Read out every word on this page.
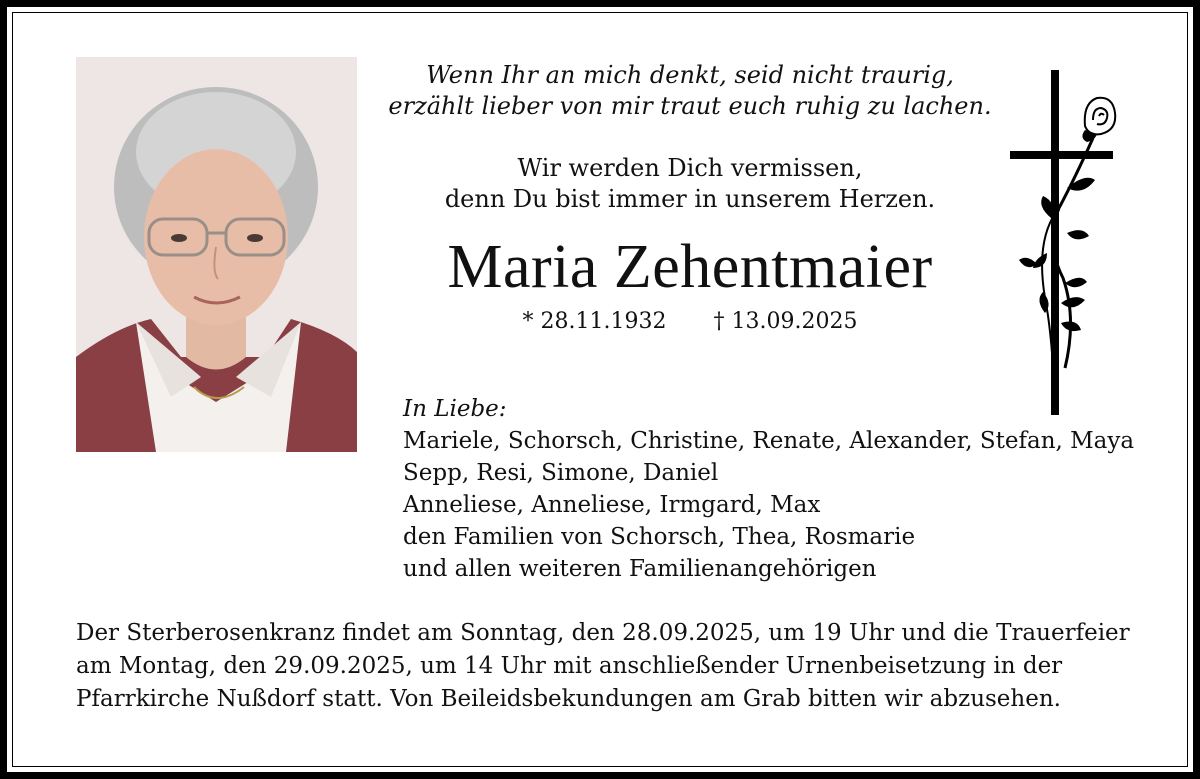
Wenn Ihr an mich denkt, seid nicht traurig,
erzählt lieber von mir traut euch ruhig zu lachen.
Wir werden Dich vermissen,
denn Du bist immer in unserem Herzen.
Maria Zehentmaier
* 28.11.1932 † 13.09.2025
In Liebe:
Mariele, Schorsch, Christine, Renate, Alexander, Stefan, Maya
Sepp, Resi, Simone, Daniel
Anneliese, Anneliese, Irmgard, Max
den Familien von Schorsch, Thea, Rosmarie
und allen weiteren Familienangehörigen
Der Sterberosenkranz findet am Sonntag, den 28.09.2025, um 19 Uhr und die Trauerfeier
am Montag, den 29.09.2025, um 14 Uhr mit anschließender Urnenbeisetzung in der
Pfarrkirche Nußdorf statt. Von Beileidsbekundungen am Grab bitten wir abzusehen.
